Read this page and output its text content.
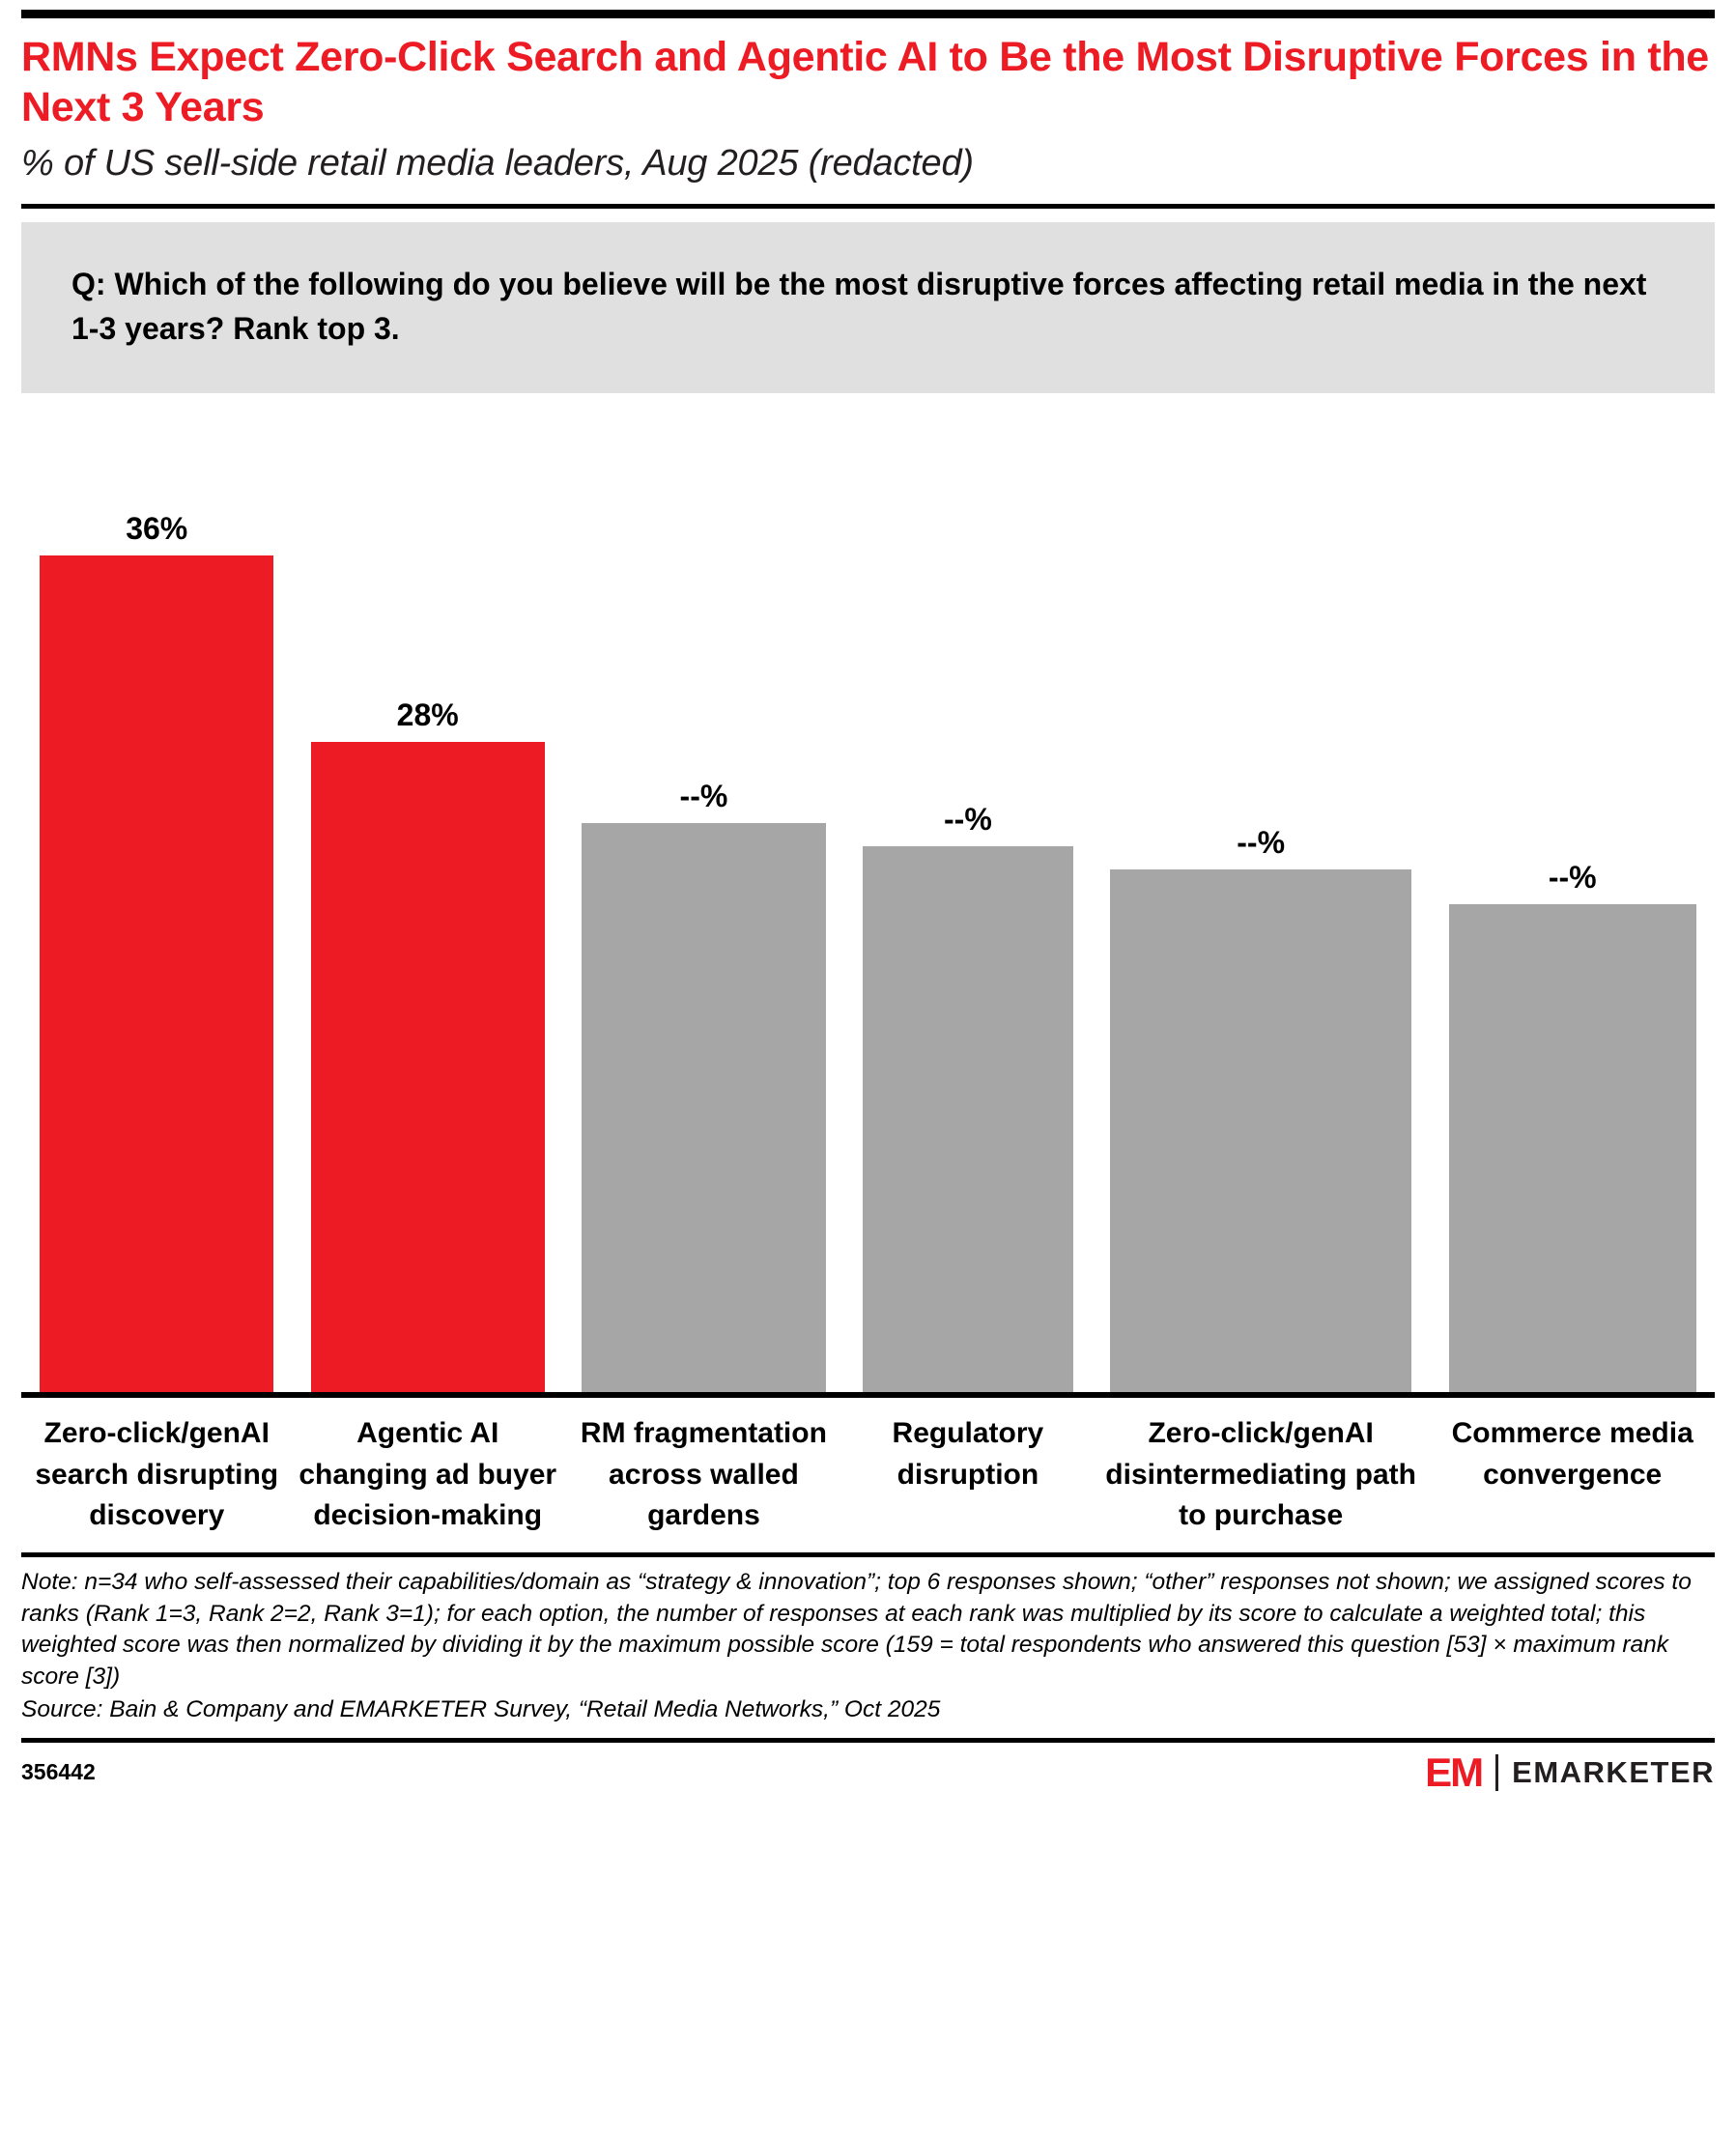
RMNs Expect Zero-Click Search and Agentic AI to Be the Most Disruptive Forces in the Next 3 Years
% of US sell-side retail media leaders, Aug 2025 (redacted)
Q: Which of the following do you believe will be the most disruptive forces affecting retail media in the next 1-3 years? Rank top 3.
36%
28%
--%
--%
--%
--%
Zero-click/genAI search disrupting discovery
Agentic AI changing ad buyer decision-making
RM fragmentation across walled gardens
Regulatory disruption
Zero-click/genAI disintermediating path to purchase
Commerce media convergence
Note: n=34 who self-assessed their capabilities/domain as “strategy & innovation”; top 6 responses shown; “other” responses not shown; we assigned scores to ranks (Rank 1=3, Rank 2=2, Rank 3=1); for each option, the number of responses at each rank was multiplied by its score to calculate a weighted total; this weighted score was then normalized by dividing it by the maximum possible score (159 = total respondents who answered this question [53] × maximum rank score [3])
Source: Bain & Company and EMARKETER Survey, “Retail Media Networks,” Oct 2025
356442	EM EMARKETER
